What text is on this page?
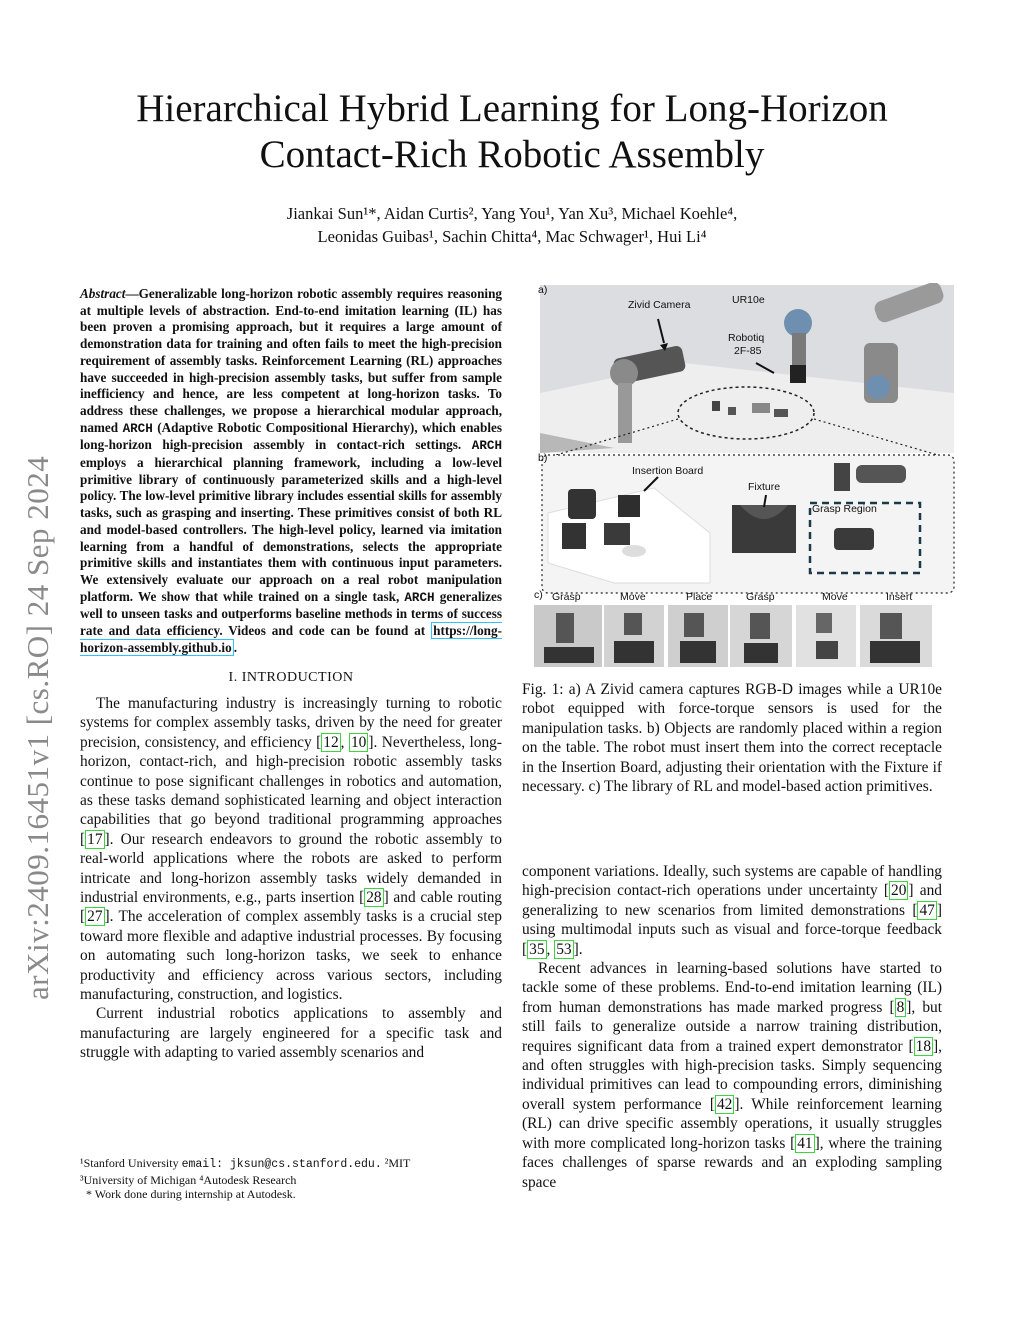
arXiv:2409.16451v1 [cs.RO] 24 Sep 2024
Hierarchical Hybrid Learning for Long-Horizon
Contact-Rich Robotic Assembly
Jiankai Sun¹*, Aidan Curtis², Yang You¹, Yan Xu³, Michael Koehle⁴,
Leonidas Guibas¹, Sachin Chitta⁴, Mac Schwager¹, Hui Li⁴
Abstract—Generalizable long-horizon robotic assembly requires reasoning at multiple levels of abstraction. End-to-end imitation learning (IL) has been proven a promising approach, but it requires a large amount of demonstration data for training and often fails to meet the high-precision requirement of assembly tasks. Reinforcement Learning (RL) approaches have succeeded in high-precision assembly tasks, but suffer from sample inefficiency and hence, are less competent at long-horizon tasks. To address these challenges, we propose a hierarchical modular approach, named ARCH (Adaptive Robotic Compositional Hierarchy), which enables long-horizon high-precision assembly in contact-rich settings. ARCH employs a hierarchical planning framework, including a low-level primitive library of continuously parameterized skills and a high-level policy. The low-level primitive library includes essential skills for assembly tasks, such as grasping and inserting. These primitives consist of both RL and model-based controllers. The high-level policy, learned via imitation learning from a handful of demonstrations, selects the appropriate primitive skills and instantiates them with continuous input parameters. We extensively evaluate our approach on a real robot manipulation platform. We show that while trained on a single task, ARCH generalizes well to unseen tasks and outperforms baseline methods in terms of success rate and data efficiency. Videos and code can be found at https://long-horizon-assembly.github.io .
I. INTRODUCTION

The manufacturing industry is increasingly turning to robotic systems for complex assembly tasks, driven by the need for greater precision, consistency, and efficiency [ 12 , 10 ]. Nevertheless, long-horizon, contact-rich, and high-precision robotic assembly tasks continue to pose significant challenges in robotics and automation, as these tasks demand sophisticated learning and object interaction capabilities that go beyond traditional programming approaches [ 17 ]. Our research endeavors to ground the robotic assembly to real-world applications where the robots are asked to perform intricate and long-horizon assembly tasks widely demanded in industrial environments, e.g., parts insertion [ 28 ] and cable routing [ 27 ]. The acceleration of complex assembly tasks is a crucial step toward more flexible and adaptive industrial processes. By focusing on automating such long-horizon tasks, we seek to enhance productivity and efficiency across various sectors, including manufacturing, construction, and logistics.

Current industrial robotics applications to assembly and manufacturing are largely engineered for a specific task and struggle with adapting to varied assembly scenarios and

¹Stanford University email: jksun@cs.stanford.edu. ²MIT
³University of Michigan ⁴Autodesk Research
* Work done during internship at Autodesk.
a)
Zivid Camera	UR10e
Robotiq
2F-85
b)
Insertion Board
Fixture
Grasp Region
c) Grasp	Move	Place	Grasp	Move	Insert
Fig. 1: a) A Zivid camera captures RGB-D images while a UR10e robot equipped with force-torque sensors is used for the manipulation tasks. b) Objects are randomly placed within a region on the table. The robot must insert them into the correct receptacle in the Insertion Board, adjusting their orientation with the Fixture if necessary. c) The library of RL and model-based action primitives.

component variations. Ideally, such systems are capable of handling high-precision contact-rich operations under uncertainty [ 20 ] and generalizing to new scenarios from limited demonstrations [ 47 ] using multimodal inputs such as visual and force-torque feedback [ 35 , 53 ].

Recent advances in learning-based solutions have started to tackle some of these problems. End-to-end imitation learning (IL) from human demonstrations has made marked progress [ 8 ], but still fails to generalize outside a narrow training distribution, requires significant data from a trained expert demonstrator [ 18 ], and often struggles with high-precision tasks. Simply sequencing individual primitives can lead to compounding errors, diminishing overall system performance [ 42 ]. While reinforcement learning (RL) can drive specific assembly operations, it usually struggles with more complicated long-horizon tasks [ 41 ], where the training faces challenges of sparse rewards and an exploding sampling space
